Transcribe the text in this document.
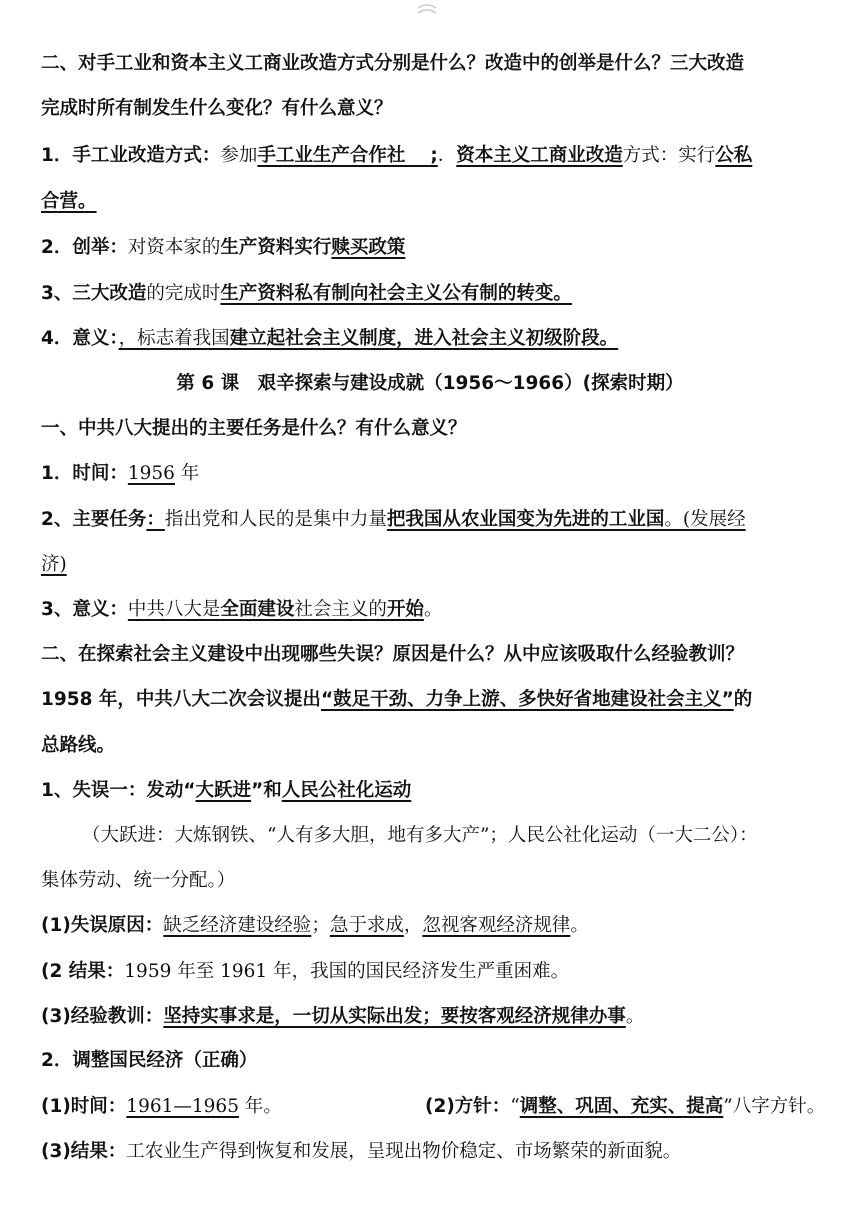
二、对手工业和资本主义工商业改造方式分别是什么？改造中的创举是什么？三大改造
完成时所有制发生什么变化？有什么意义？
1．手工业改造方式：参加手工业生产合作社　 ;．资本主义工商业改造方式：实行公私
合营。
2．创举：对资本家的生产资料实行赎买政策
3、三大改造的完成时生产资料私有制向社会主义公有制的转变。
4．意义：，标志着我国建立起社会主义制度，进入社会主义初级阶段。
第 6 课　艰辛探索与建设成就（1956～1966）(探索时期）
一、中共八大提出的主要任务是什么？有什么意义？
1．时间：1956 年
2、主要任务：指出党和人民的是集中力量把我国从农业国变为先进的工业国。(发展经
济)
3、意义：中共八大是全面建设社会主义的开始。
二、在探索社会主义建设中出现哪些失误？原因是什么？从中应该吸取什么经验教训？
1958 年，中共八大二次会议提出“鼓足干劲、力争上游、多快好省地建设社会主义”的
总路线。
1、失误一：发动“大跃进”和人民公社化运动
（大跃进：大炼钢铁、“人有多大胆，地有多大产”；人民公社化运动（一大二公）：
集体劳动、统一分配。）
(1)失误原因：缺乏经济建设经验；急于求成，忽视客观经济规律。
(2 结果：1959 年至 1961 年，我国的国民经济发生严重困难。
(3)经验教训：坚持实事求是，一切从实际出发；要按客观经济规律办事。
2．调整国民经济（正确）
(1)时间：1961—1965 年。	(2)方针：“调整、巩固、充实、提高”八字方针。
(3)结果：工农业生产得到恢复和发展，呈现出物价稳定、市场繁荣的新面貌。
